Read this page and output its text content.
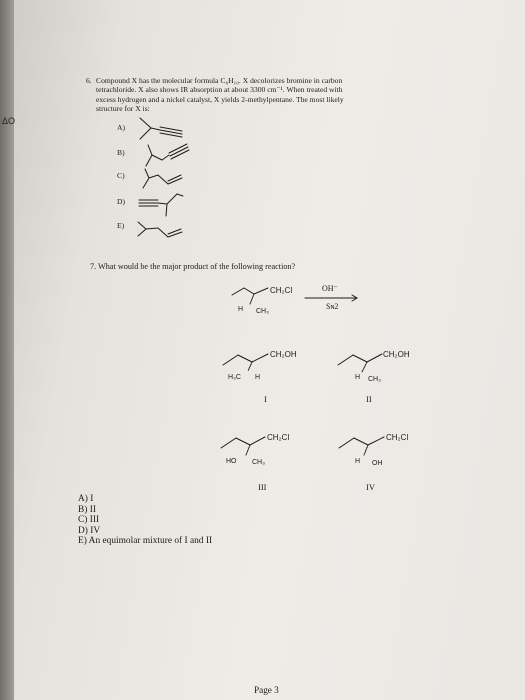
ΔO
6. Compound X has the molecular formula C₆H₁₀. X decolorizes bromine in carbon
tetrachloride. X also shows IR absorption at about 3300 cm⁻¹. When treated with
excess hydrogen and a nickel catalyst, X yields 2-methylpentane. The most likely
structure for X is:
A)
B)
C)
D)
E)
7. What would be the major product of the following reaction?
OH⁻
Sɴ2
I	II
III	IV
A) I
B) II
C) III
D) IV
E) An equimolar mixture of I and II
Page 3
CH₂Cl
H CH₃
CH₂OH
H₃C H
CH₂OH
H CH₃
CH₂Cl
HO CH₃
CH₂Cl
H OH
